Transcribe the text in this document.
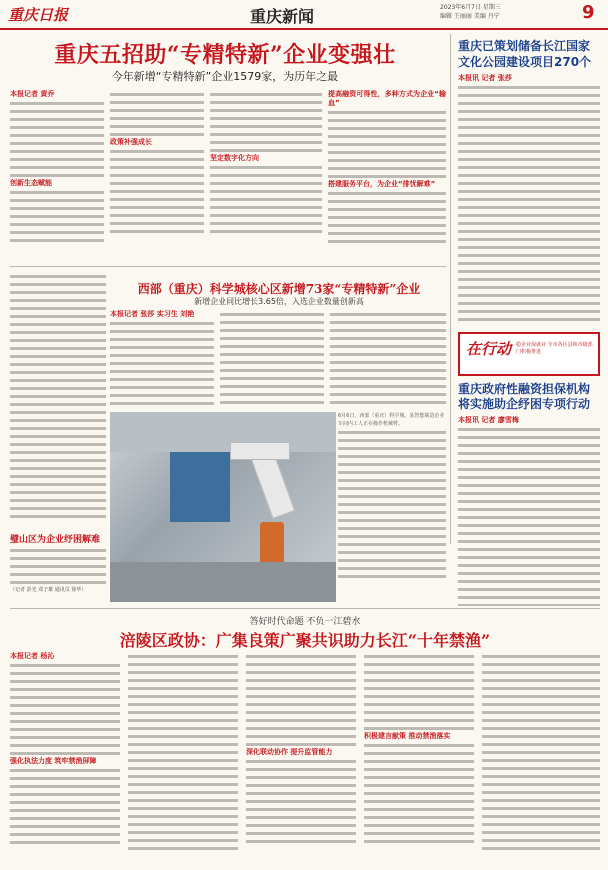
重庆日报	重庆新闻	2023年6月7日 星期三
编辑 王丽丽 美编 丹宁	9
重庆五招助“专精特新”企业变强壮
今年新增“专精特新”企业1579家，为历年之最
本报记者 黄乔
创新生态赋能
政策补强成长
坚定数字化方向
提高融资可得性，多种方式为企业“输血”
搭建服务平台，为企业“排忧解难”
重庆已策划储备长江国家文化公园建设项目270个
本报讯 记者 张莎
西部（重庆）科学城核心区新增73家“专精特新”企业
新增企业同比增长3.65倍，入选企业数量创新高
本报记者 张莎 实习生 刘艳
6月6日，西部（重庆）科学城，某智能制造企业车间内工人正在操作机械臂。
璧山区为企业纾困解难
（记者 彭光 邓子雄 通讯员 徐华）
在行动 稳企业保就业 全市各区县和市级部门积极推进
重庆政府性融资担保机构将实施助企纾困专项行动
本报讯 记者 廖雪梅
答好时代命题 不负一江碧水
涪陵区政协：广集良策广聚共识助力长江“十年禁渔”
本报记者 杨沁
强化执法力度 筑牢禁渔屏障
深化联动协作 提升监管能力
积极建言献策 推动禁渔落实
